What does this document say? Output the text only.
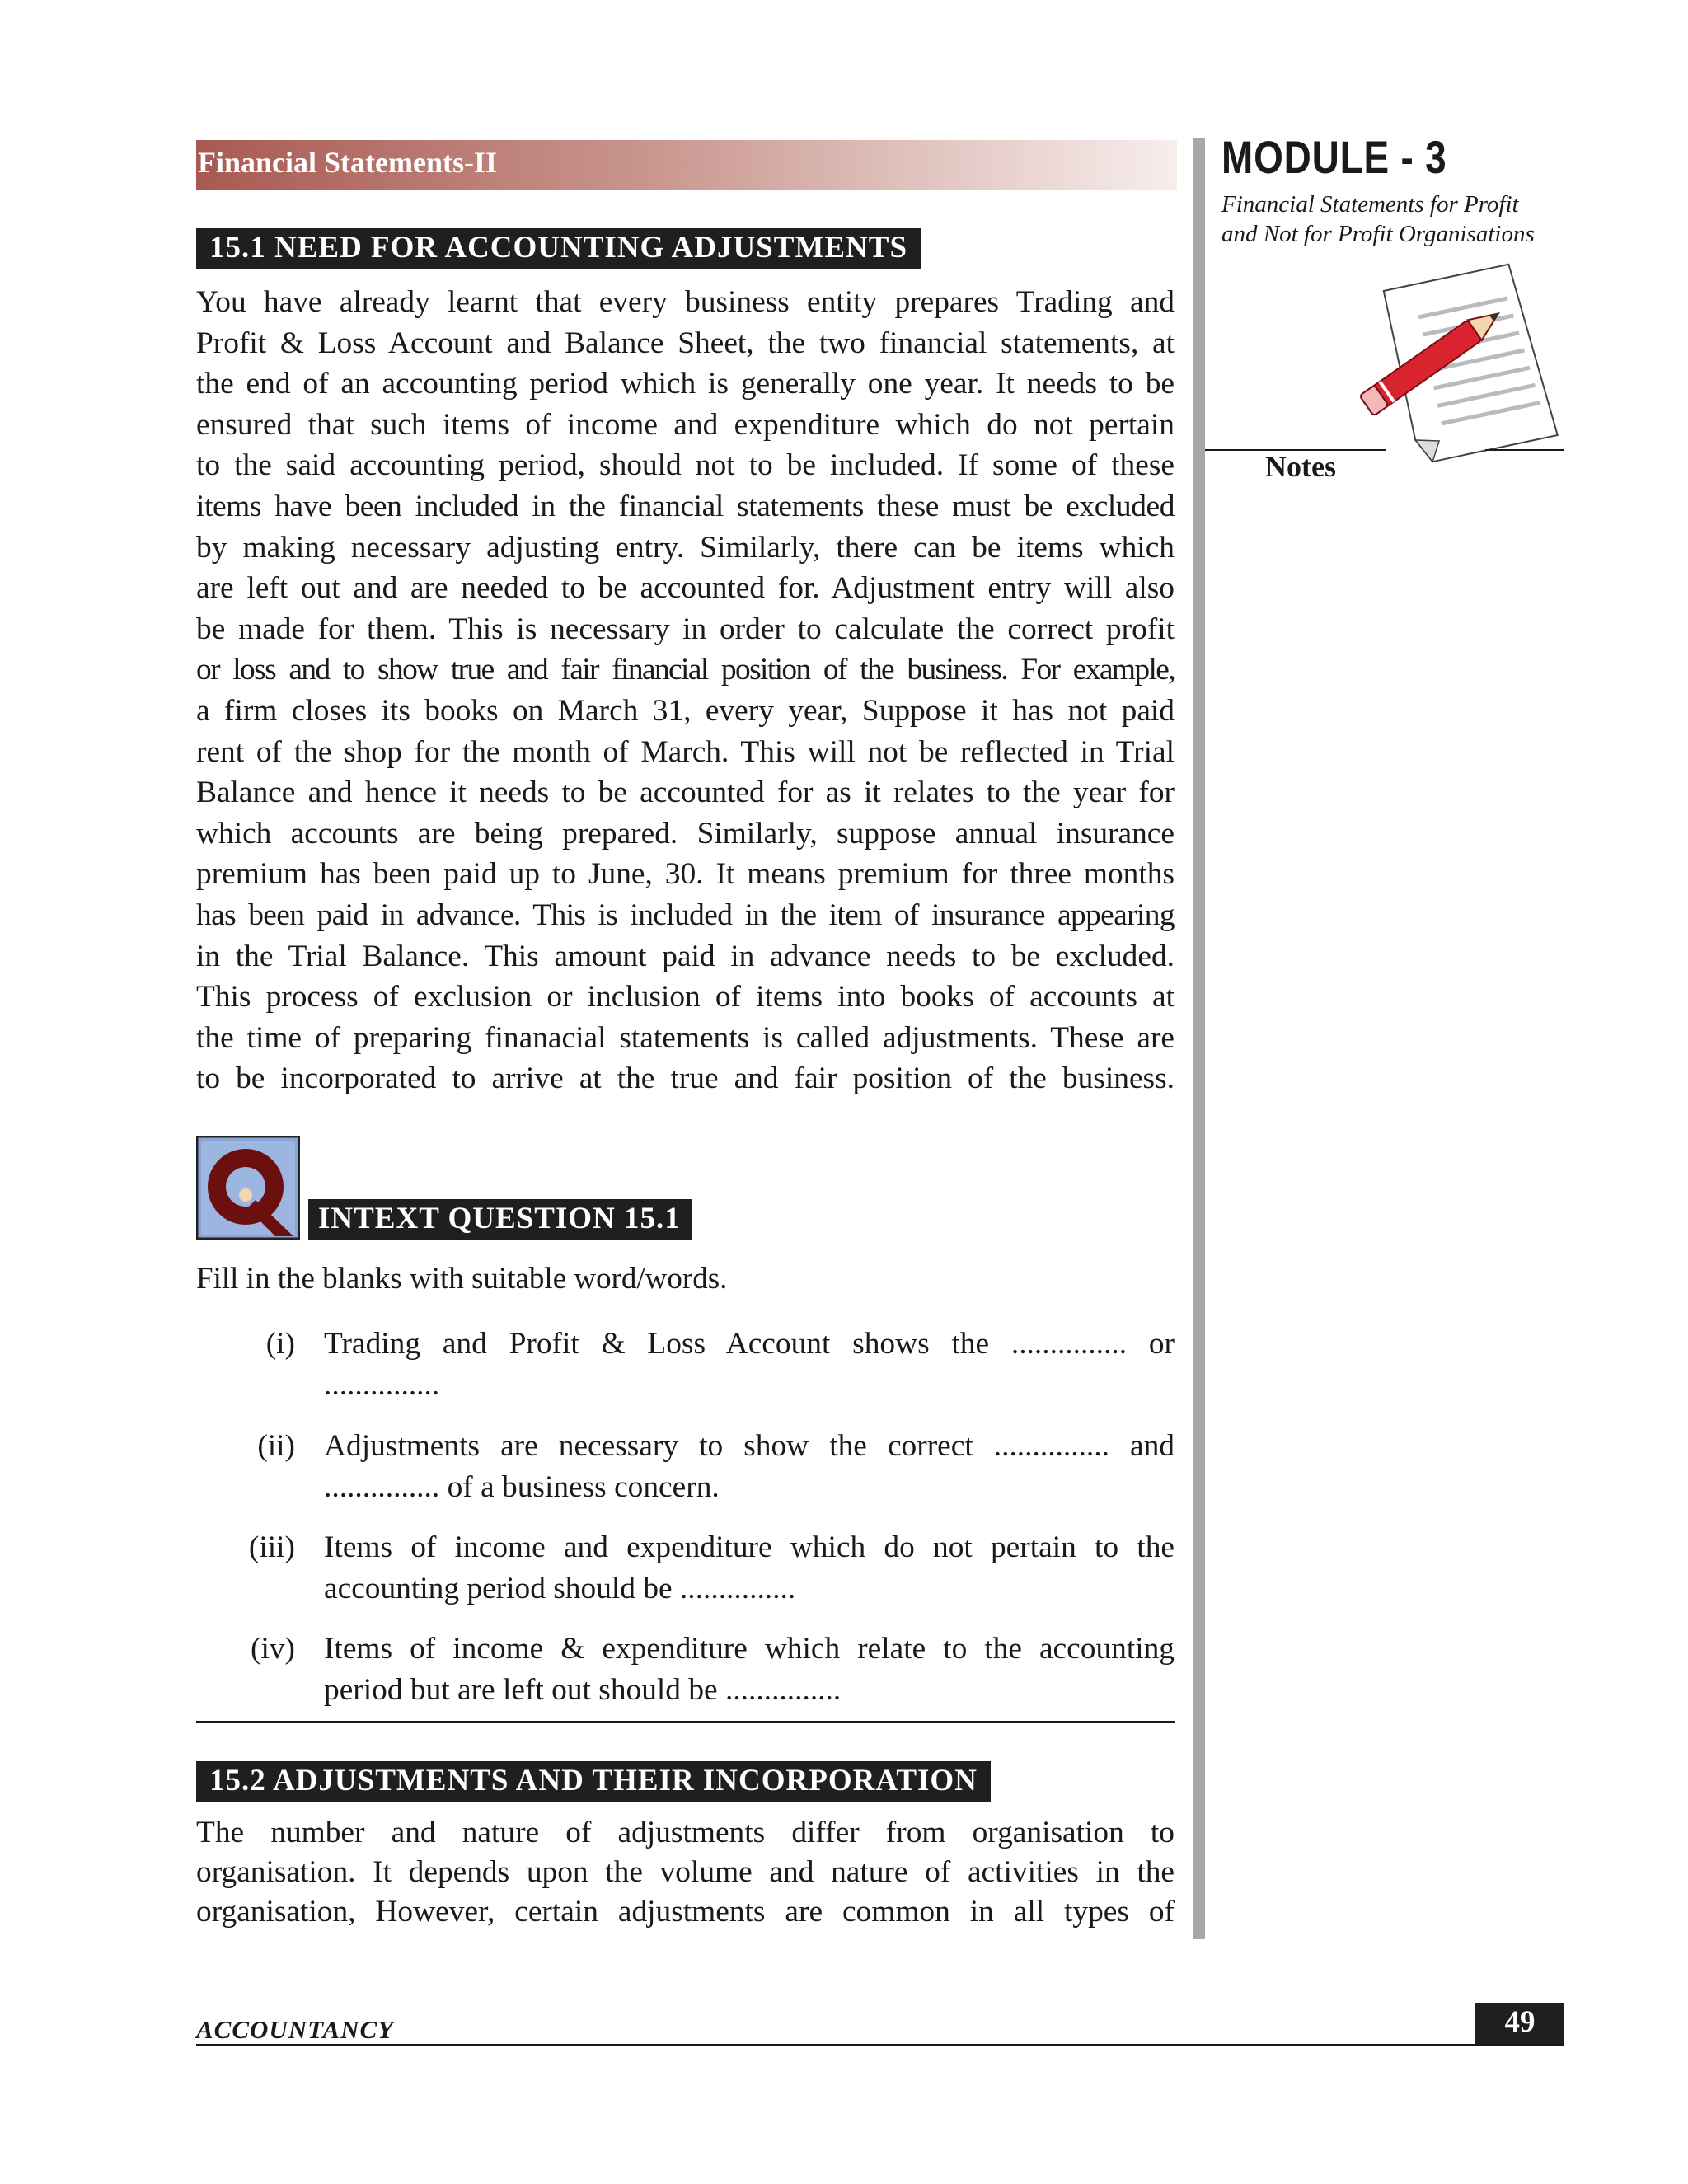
Financial Statements-II	MODULE - 3
Financial Statements for Profit
and Not for Profit Organisations
Notes
15.1 NEED FOR ACCOUNTING ADJUSTMENTS
You have already learnt that every business entity prepares Trading and
Profit & Loss Account and Balance Sheet, the two financial statements, at
the end of an accounting period which is generally one year. It needs to be
ensured that such items of income and expenditure which do not pertain
to the said accounting period, should not to be included. If some of these
items have been included in the financial statements these must be excluded
by making necessary adjusting entry. Similarly, there can be items which
are left out and are needed to be accounted for. Adjustment entry will also
be made for them. This is necessary in order to calculate the correct profit
or loss and to show true and fair financial position of the business. For example,
a firm closes its books on March 31, every year, Suppose it has not paid
rent of the shop for the month of March. This will not be reflected in Trial
Balance and hence it needs to be accounted for as it relates to the year for
which accounts are being prepared. Similarly, suppose annual insurance
premium has been paid up to June, 30. It means premium for three months
has been paid in advance. This is included in the item of insurance appearing
in the Trial Balance. This amount paid in advance needs to be excluded.
This process of exclusion or inclusion of items into books of accounts at
the time of preparing finanacial statements is called adjustments. These are
to be incorporated to arrive at the true and fair position of the business.
INTEXT QUESTION 15.1
Fill in the blanks with suitable word/words.
(i) Trading and Profit & Loss Account shows the ............... or
...............
(ii) Adjustments are necessary to show the correct ............... and
............... of a business concern.
(iii) Items of income and expenditure which do not pertain to the
accounting period should be ...............
(iv) Items of income & expenditure which relate to the accounting
period but are left out should be ...............
15.2 ADJUSTMENTS AND THEIR INCORPORATION
The number and nature of adjustments differ from organisation to
organisation. It depends upon the volume and nature of activities in the
organisation, However, certain adjustments are common in all types of
ACCOUNTANCY	49
